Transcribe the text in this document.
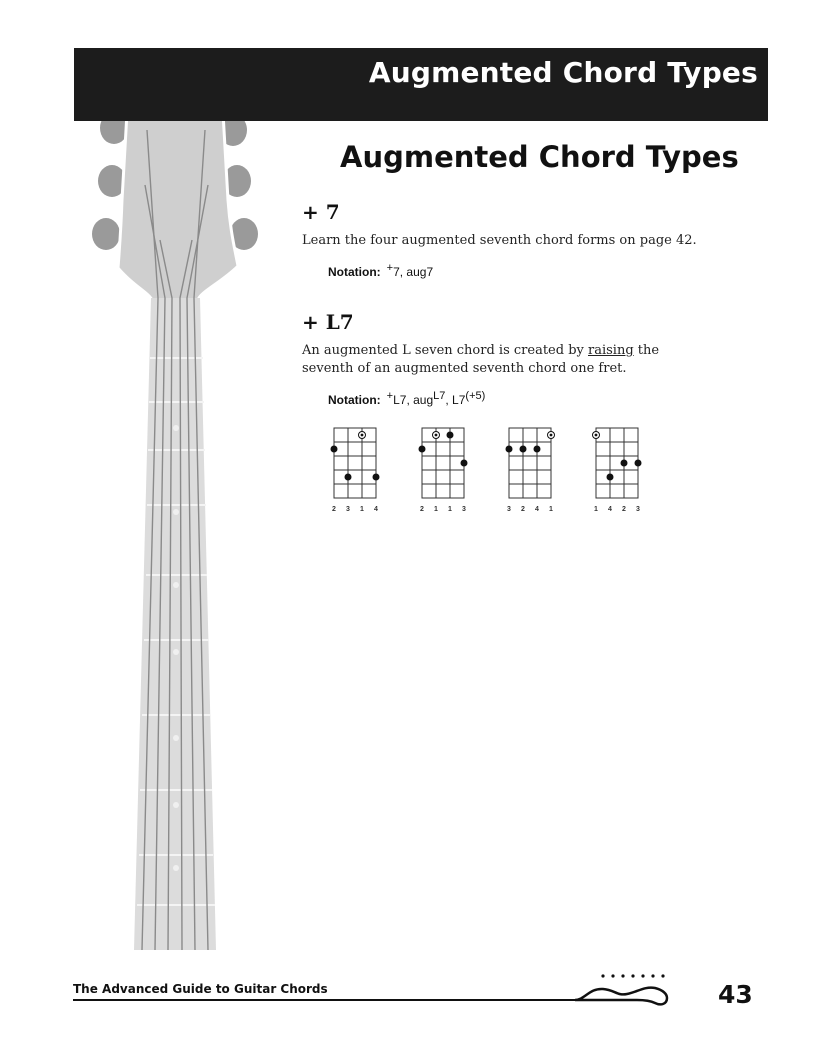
Augmented Chord Types
Augmented Chord Types
+ 7

Learn the four augmented seventh chord forms on page 42.

Notation: +7, aug7
+ L7

An augmented L seven chord is created by raising the
seventh of an augmented seventh chord one fret.

Notation: +L7, aug$^{L7}$, $L7^{(+5)}$
2 3 1 4	2 1 1 3	3 2 4 1	1 4 2 3
The Advanced Guide to Guitar Chords	43
